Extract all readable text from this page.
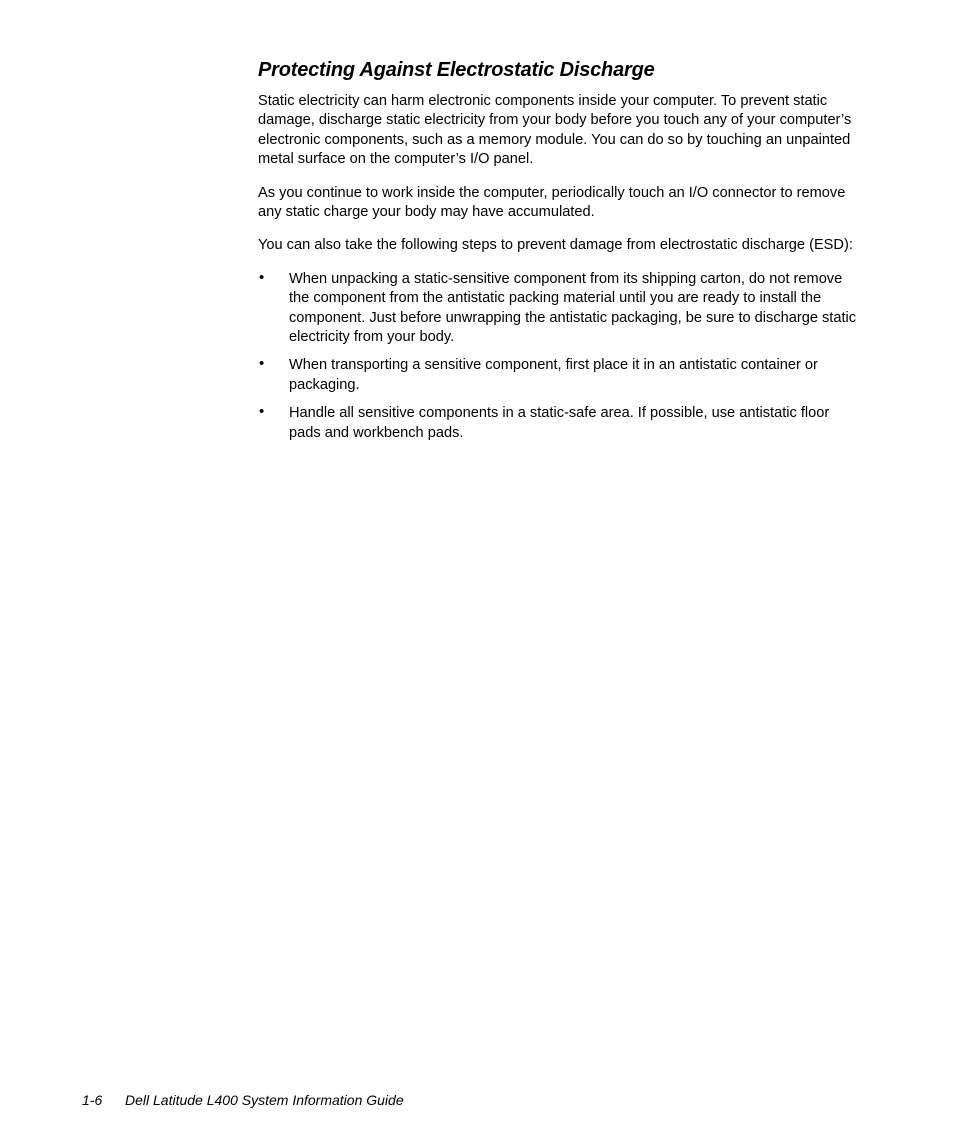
Protecting Against Electrostatic Discharge

Static electricity can harm electronic components inside your computer. To prevent static damage, discharge static electricity from your body before you touch any of your computer’s electronic components, such as a memory module. You can do so by touching an unpainted metal surface on the computer’s I/O panel.

As you continue to work inside the computer, periodically touch an I/O connector to remove any static charge your body may have accumulated.

You can also take the following steps to prevent damage from electrostatic discharge (ESD):

• When unpacking a static-sensitive component from its shipping carton, do not remove the component from the antistatic packing material until you are ready to install the component. Just before unwrapping the antistatic packaging, be sure to discharge static electricity from your body.
• When transporting a sensitive component, first place it in an antistatic container or packaging.
• Handle all sensitive components in a static-safe area. If possible, use antistatic floor pads and workbench pads.
1-6 Dell Latitude L400 System Information Guide
